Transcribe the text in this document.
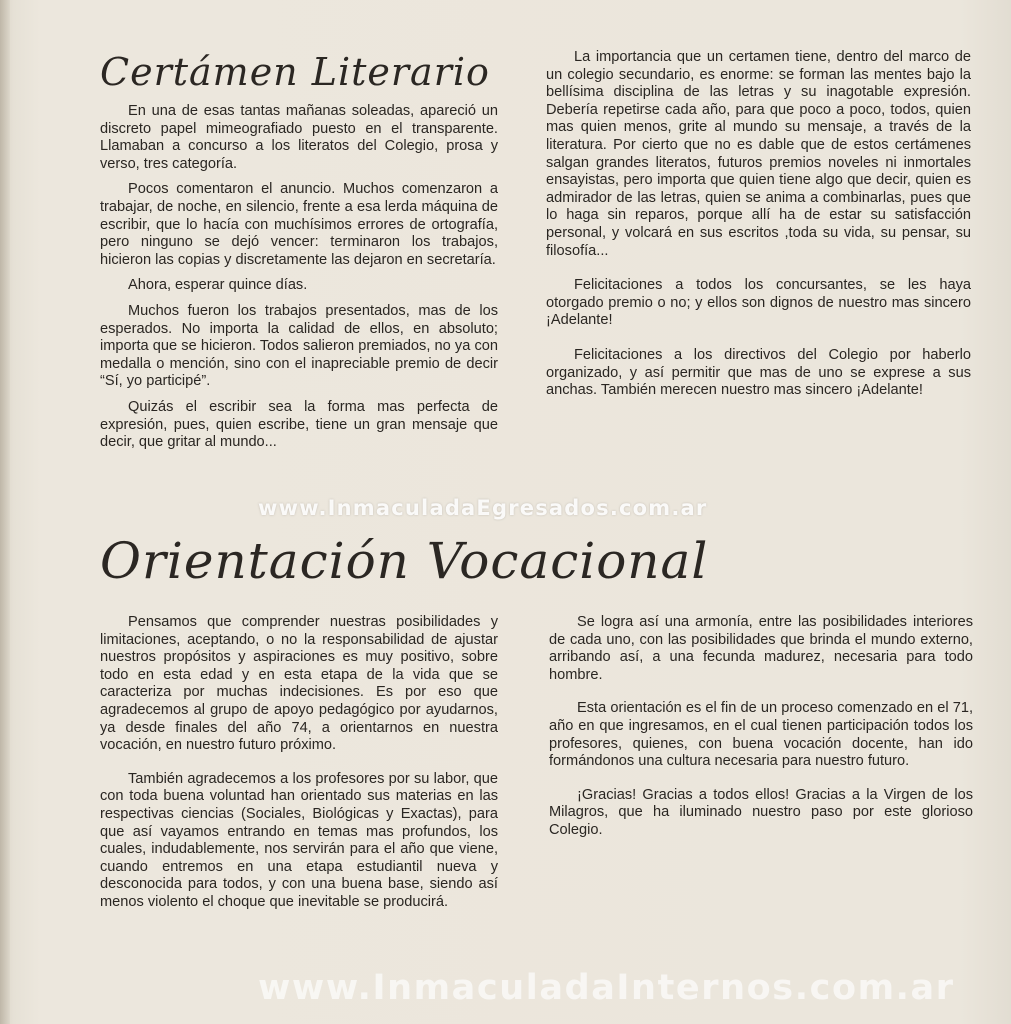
Certámen Literario

En una de esas tantas mañanas soleadas, apareció un discreto papel mimeografiado puesto en el transparente. Llamaban a concurso a los literatos del Colegio, prosa y verso, tres categoría.

Pocos comentaron el anuncio. Muchos comenzaron a trabajar, de noche, en silencio, frente a esa lerda máquina de escribir, que lo hacía con muchísimos errores de ortografía, pero ninguno se dejó vencer: terminaron los trabajos, hicieron las copias y discretamente las dejaron en secretaría.

Ahora, esperar quince días.

Muchos fueron los trabajos presentados, mas de los esperados. No importa la calidad de ellos, en absoluto; importa que se hicieron. Todos salieron premiados, no ya con medalla o mención, sino con el inapreciable premio de decir “Sí, yo participé”.

Quizás el escribir sea la forma mas perfecta de expresión, pues, quien escribe, tiene un gran mensaje que decir, que gritar al mundo...

La importancia que un certamen tiene, dentro del marco de un colegio secundario, es enorme: se forman las mentes bajo la bellísima disciplina de las letras y su inagotable expresión. Debería repetirse cada año, para que poco a poco, todos, quien mas quien menos, grite al mundo su mensaje, a través de la literatura. Por cierto que no es dable que de estos certámenes salgan grandes literatos, futuros premios noveles ni inmortales ensayistas, pero importa que quien tiene algo que decir, quien es admirador de las letras, quien se anima a combinarlas, pues que lo haga sin reparos, porque allí ha de estar su satisfacción personal, y volcará en sus escritos ,toda su vida, su pensar, su filosofía...

Felicitaciones a todos los concursantes, se les haya otorgado premio o no; y ellos son dignos de nuestro mas sincero ¡Adelante!

Felicitaciones a los directivos del Colegio por haberlo organizado, y así permitir que mas de uno se exprese a sus anchas. También merecen nuestro mas sincero ¡Adelante!

www.InmaculadaEgresados.com.ar
Orientación Vocacional

Pensamos que comprender nuestras posibilidades y limitaciones, aceptando, o no la responsabilidad de ajustar nuestros propósitos y aspiraciones es muy positivo, sobre todo en esta edad y en esta etapa de la vida que se caracteriza por muchas indecisiones. Es por eso que agradecemos al grupo de apoyo pedagógico por ayudarnos, ya desde finales del año 74, a orientarnos en nuestra vocación, en nuestro futuro próximo.

También agradecemos a los profesores por su labor, que con toda buena voluntad han orientado sus materias en las respectivas ciencias (Sociales, Biológicas y Exactas), para que así vayamos entrando en temas mas profundos, los cuales, indudablemente, nos servirán para el año que viene, cuando entremos en una etapa estudiantil nueva y desconocida para todos, y con una buena base, siendo así menos violento el choque que inevitable se producirá.

Se logra así una armonía, entre las posibilidades interiores de cada uno, con las posibilidades que brinda el mundo externo, arribando así, a una fecunda madurez, necesaria para todo hombre.

Esta orientación es el fin de un proceso comenzado en el 71, año en que ingresamos, en el cual tienen participación todos los profesores, quienes, con buena vocación docente, han ido formándonos una cultura necesaria para nuestro futuro.

¡Gracias! Gracias a todos ellos! Gracias a la Virgen de los Milagros, que ha iluminado nuestro paso por este glorioso Colegio.

www.InmaculadaInternos.com.ar
